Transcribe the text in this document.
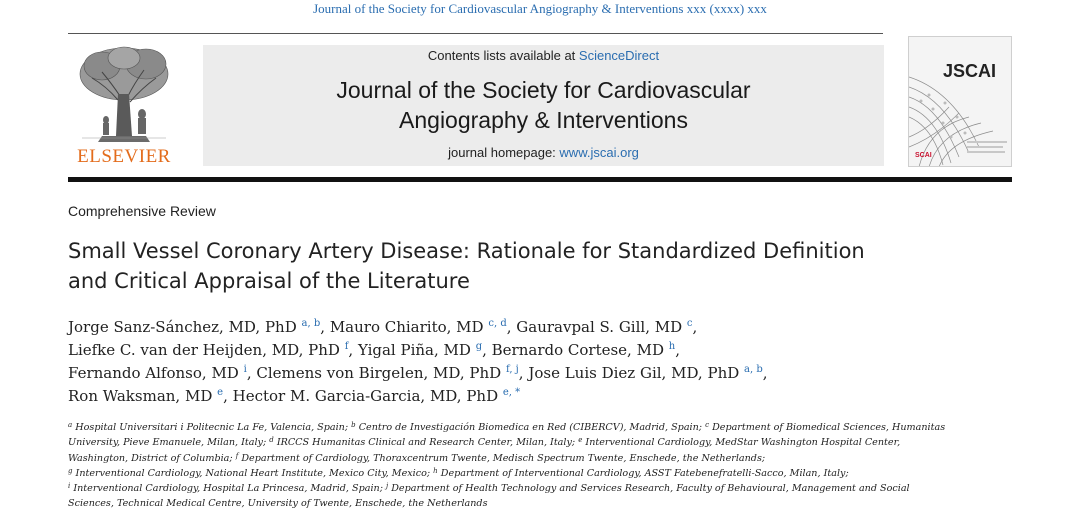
Journal of the Society for Cardiovascular Angiography & Interventions xxx (xxxx) xxx
ELSEVIER
Contents lists available at ScienceDirect
Journal of the Society for Cardiovascular
Angiography & Interventions
journal homepage: www.jscai.org
JSCAI
SCAI
Comprehensive Review
Small Vessel Coronary Artery Disease: Rationale for Standardized Definition
and Critical Appraisal of the Literature
Jorge Sanz-Sánchez, MD, PhD $^{a, b}$, Mauro Chiarito, MD $^{c, d}$, Gauravpal S. Gill, MD $^c$,
Liefke C. van der Heijden, MD, PhD $^f$, Yigal Piña, MD $^g$, Bernardo Cortese, MD $^h$,
Fernando Alfonso, MD $^i$, Clemens von Birgelen, MD, PhD $^{f, j}$, Jose Luis Diez Gil, MD, PhD $^{a, b}$,
Ron Waksman, MD $^e$, Hector M. Garcia-Garcia, MD, PhD $^{e, *}$
$^a$ Hospital Universitari i Politecnic La Fe, Valencia, Spain; $^b$ Centro de Investigación Biomedica en Red (CIBERCV), Madrid, Spain; $^c$ Department of Biomedical Sciences, Humanitas University, Pieve Emanuele, Milan, Italy; $^d$ IRCCS Humanitas Clinical and Research Center, Milan, Italy; $^e$ Interventional Cardiology, MedStar Washington Hospital Center, Washington, District of Columbia; $^f$ Department of Cardiology, Thoraxcentrum Twente, Medisch Spectrum Twente, Enschede, the Netherlands;
$^g$ Interventional Cardiology, National Heart Institute, Mexico City, Mexico; $^h$ Department of Interventional Cardiology, ASST Fatebenefratelli-Sacco, Milan, Italy;
$^i$ Interventional Cardiology, Hospital La Princesa, Madrid, Spain; $^j$ Department of Health Technology and Services Research, Faculty of Behavioural, Management and Social Sciences, Technical Medical Centre, University of Twente, Enschede, the Netherlands
